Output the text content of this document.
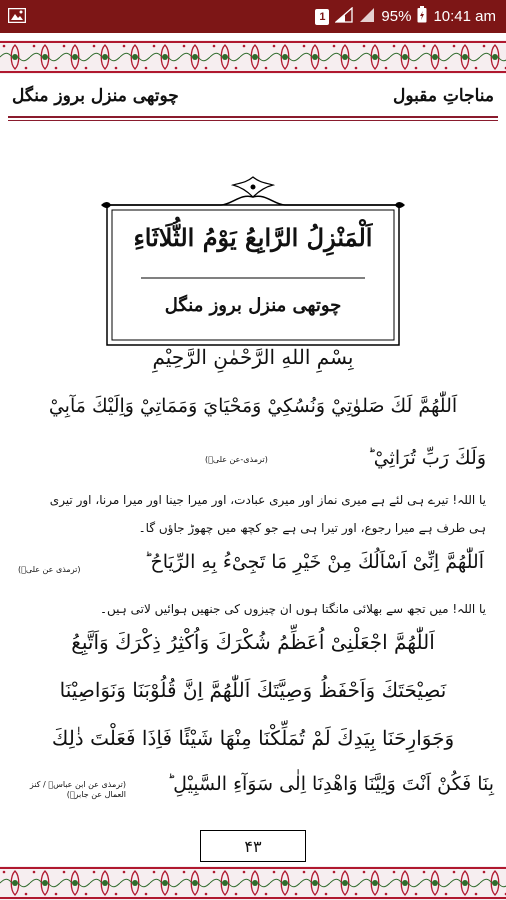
1	95% 10:41 am
مناجاتِ مقبول
چوتھی منزل بروز منگل
اَلْمَنْزِلُ الرَّابِعُ يَوْمُ الثُّلَاثَاءِ
چوتھی منزل بروز منگل
بِسْمِ اللهِ الرَّحْمٰنِ الرَّحِيْمِ
اَللّٰهُمَّ لَكَ صَلوٰتِيْ وَنُسُكِيْ وَمَحْيَايَ وَمَمَاتِيْ وَاِلَيْكَ مَآبِيْ
وَلَكَ رَبِّ تُرَاثِيْ ؕ
(ترمذی-عن علیؓ)
یا اللہ! تیرے ہی لئے ہے میری نماز اور میری عبادت، اور میرا جینا اور میرا مرنا، اور تیری
ہی طرف ہے میرا رجوع، اور تیرا ہی ہے جو کچھ میں چھوڑ جاؤں گا۔
اَللّٰهُمَّ اِنِّیْ اَسْاَلُكَ مِنْ خَيْرِ مَا تَجِیْءُ بِهِ الرِّيَاحُ ؕ
(ترمذی عن علیؓ)
یا اللہ! میں تجھ سے بھلائی مانگتا ہوں ان چیزوں کی جنھیں ہوائیں لاتی ہیں۔
اَللّٰهُمَّ اجْعَلْنِیْ اُعَظِّمُ شُكْرَكَ وَاُكْثِرُ ذِكْرَكَ وَاَتَّبِعُ
نَصِيْحَتَكَ وَاَحْفَظُ وَصِيَّتَكَ اَللّٰهُمَّ اِنَّ قُلُوْبَنَا وَنَوَاصِيْنَا
وَجَوَارِحَنَا بِيَدِكَ لَمْ تُمَلِّكْنَا مِنْهَا شَيْئًا فَاِذَا فَعَلْتَ ذٰلِكَ
بِنَا فَكُنْ اَنْتَ وَلِيَّنَا وَاهْدِنَا اِلٰى سَوَآءِ السَّبِيْلِ ؕ
(ترمذی عن ابن عباسؓ / کنز العمال عن جابرؓ)
۴۳
